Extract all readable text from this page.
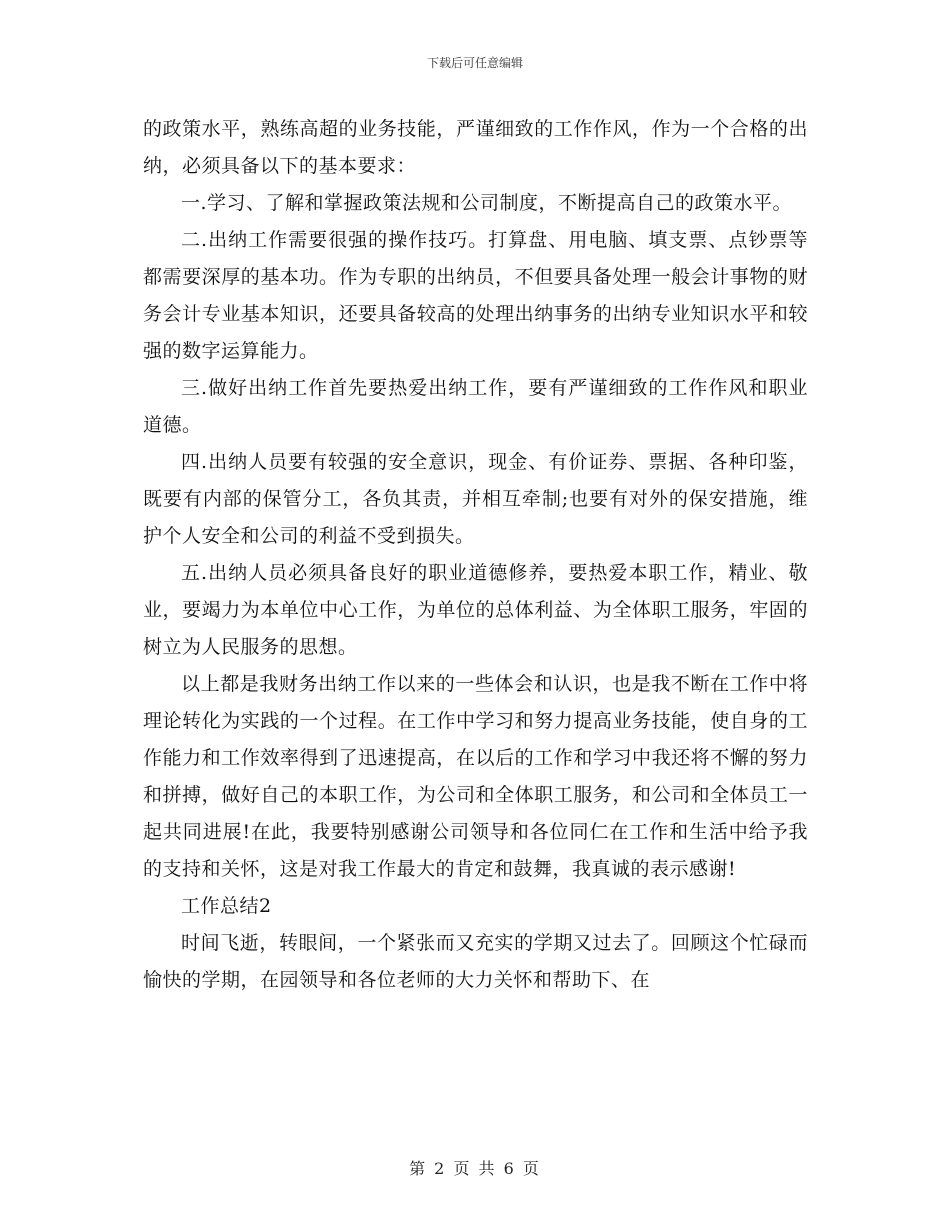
下载后可任意编辑

的政策水平，熟练高超的业务技能，严谨细致的工作作风，作为一个合格的出纳，必须具备以下的基本要求：

一.学习、了解和掌握政策法规和公司制度，不断提高自己的政策水平。

二.出纳工作需要很强的操作技巧。打算盘、用电脑、填支票、点钞票等都需要深厚的基本功。作为专职的出纳员，不但要具备处理一般会计事物的财务会计专业基本知识，还要具备较高的处理出纳事务的出纳专业知识水平和较强的数字运算能力。

三.做好出纳工作首先要热爱出纳工作，要有严谨细致的工作作风和职业道德。

四.出纳人员要有较强的安全意识，现金、有价证券、票据、各种印鉴，既要有内部的保管分工，各负其责，并相互牵制;也要有对外的保安措施，维护个人安全和公司的利益不受到损失。

五.出纳人员必须具备良好的职业道德修养，要热爱本职工作，精业、敬业，要竭力为本单位中心工作，为单位的总体利益、为全体职工服务，牢固的树立为人民服务的思想。

以上都是我财务出纳工作以来的一些体会和认识，也是我不断在工作中将理论转化为实践的一个过程。在工作中学习和努力提高业务技能，使自身的工作能力和工作效率得到了迅速提高，在以后的工作和学习中我还将不懈的努力和拼搏，做好自己的本职工作，为公司和全体职工服务，和公司和全体员工一起共同进展!在此，我要特别感谢公司领导和各位同仁在工作和生活中给予我的支持和关怀，这是对我工作最大的肯定和鼓舞，我真诚的表示感谢!

工作总结2

时间飞逝，转眼间，一个紧张而又充实的学期又过去了。回顾这个忙碌而愉快的学期，在园领导和各位老师的大力关怀和帮助下、在

第 2 页 共 6 页
